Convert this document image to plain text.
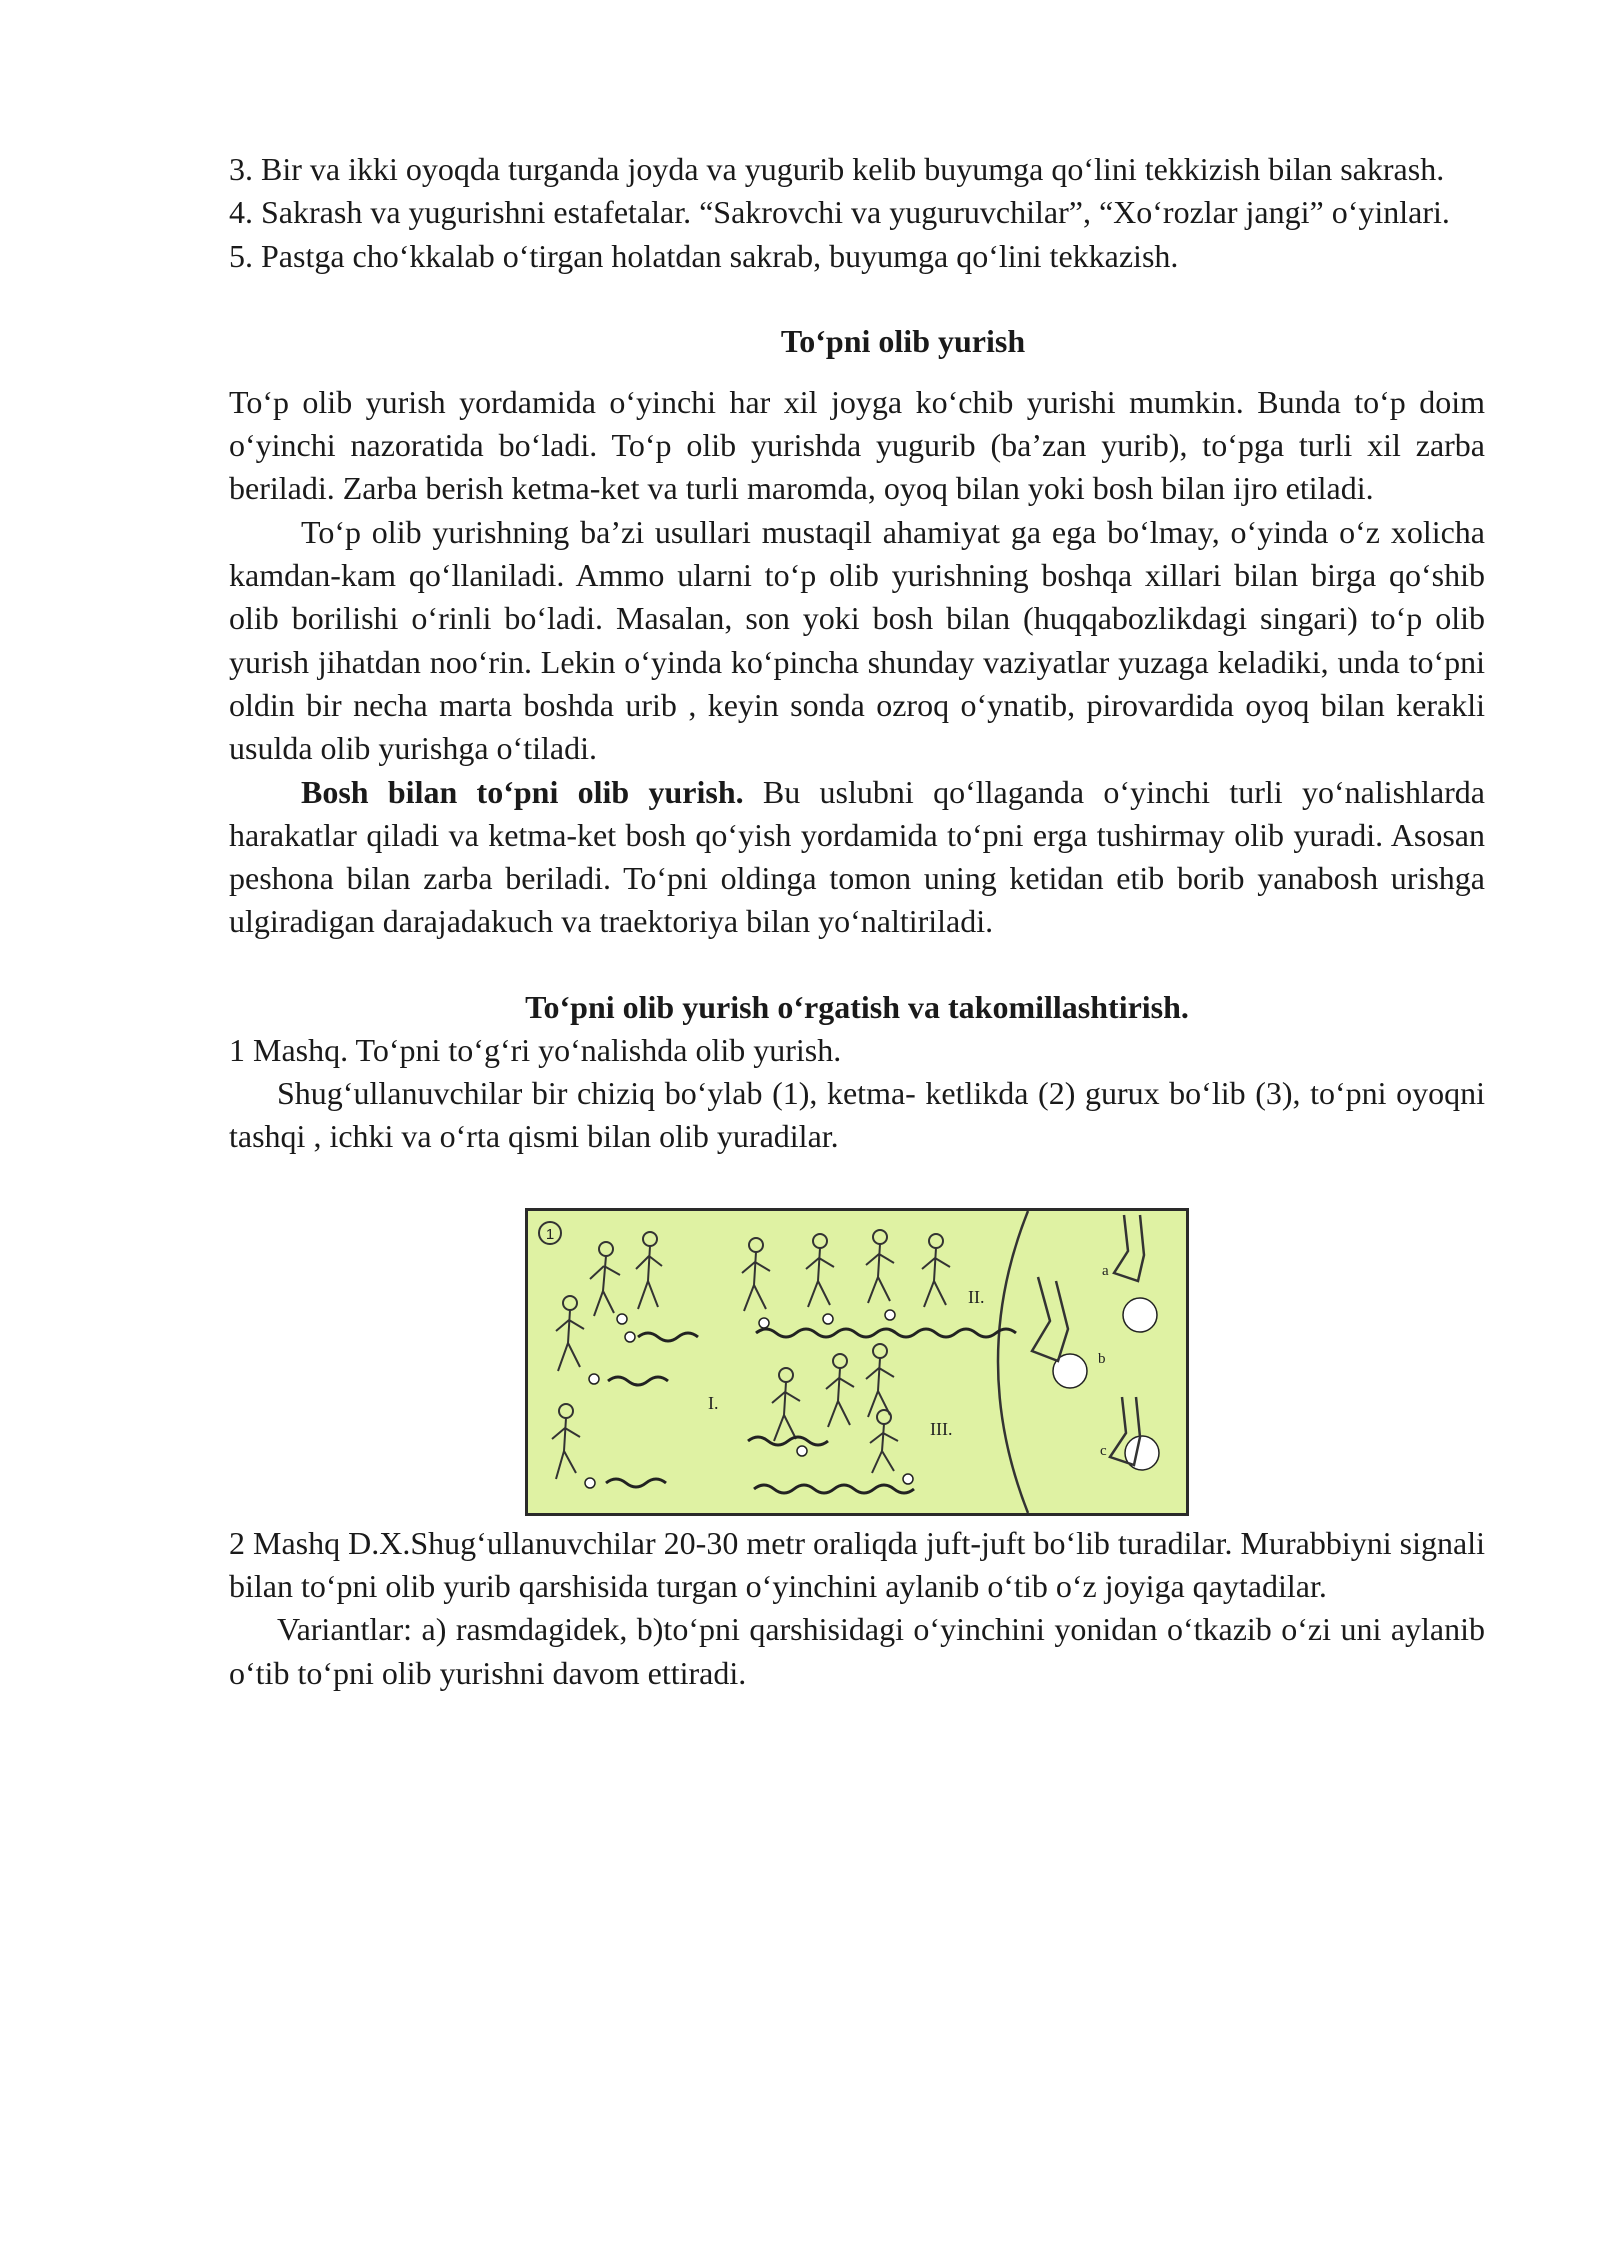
3. Bir va ikki oyoqda turganda joyda va yugurib kelib buyumga qo‘lini tekkizish bilan sakrash.

4. Sakrash va yugurishni estafetalar. “Sakrovchi va yuguruvchilar”, “Xo‘rozlar jangi” o‘yinlari.

5. Pastga cho‘kkalab o‘tirgan holatdan sakrab, buyumga qo‘lini tekkazish.

To‘pni olib yurish

To‘p olib yurish yordamida o‘yinchi har xil joyga ko‘chib yurishi mumkin. Bunda to‘p doim o‘yinchi nazoratida bo‘ladi. To‘p olib yurishda yugurib (ba’zan yurib), to‘pga turli xil zarba beriladi. Zarba berish ketma-ket va turli maromda, oyoq bilan yoki bosh bilan ijro etiladi.

To‘p olib yurishning ba’zi usullari mustaqil ahamiyat ga ega bo‘lmay, o‘yinda o‘z xolicha kamdan-kam qo‘llaniladi. Ammo ularni to‘p olib yurishning boshqa xillari bilan birga qo‘shib olib borilishi o‘rinli bo‘ladi. Masalan, son yoki bosh bilan (huqqabozlikdagi singari) to‘p olib yurish jihatdan noo‘rin. Lekin o‘yinda ko‘pincha shunday vaziyatlar yuzaga keladiki, unda to‘pni oldin bir necha marta boshda urib , keyin sonda ozroq o‘ynatib, pirovardida oyoq bilan kerakli usulda olib yurishga o‘tiladi.

Bosh bilan to‘pni olib yurish. Bu uslubni qo‘llaganda o‘yinchi turli yo‘nalishlarda harakatlar qiladi va ketma-ket bosh qo‘yish yordamida to‘pni erga tushirmay olib yuradi. Asosan peshona bilan zarba beriladi. To‘pni oldinga tomon uning ketidan etib borib yanabosh urishga ulgiradigan darajadakuch va traektoriya bilan yo‘naltiriladi.

To‘pni olib yurish o‘rgatish va takomillashtirish.

1 Mashq. To‘pni to‘g‘ri yo‘nalishda olib yurish.

Shug‘ullanuvchilar bir chiziq bo‘ylab (1), ketma- ketlikda (2) gurux bo‘lib (3), to‘pni oyoqni tashqi , ichki va o‘rta qismi bilan olib yuradilar.

1
I.
II.
III.
a
b
c

2 Mashq D.X.Shug‘ullanuvchilar 20-30 metr oraliqda juft-juft bo‘lib turadilar. Murabbiyni signali bilan to‘pni olib yurib qarshisida turgan o‘yinchini aylanib o‘tib o‘z joyiga qaytadilar.

Variantlar: a) rasmdagidek, b)to‘pni qarshisidagi o‘yinchini yonidan o‘tkazib o‘zi uni aylanib o‘tib to‘pni olib yurishni davom ettiradi.
